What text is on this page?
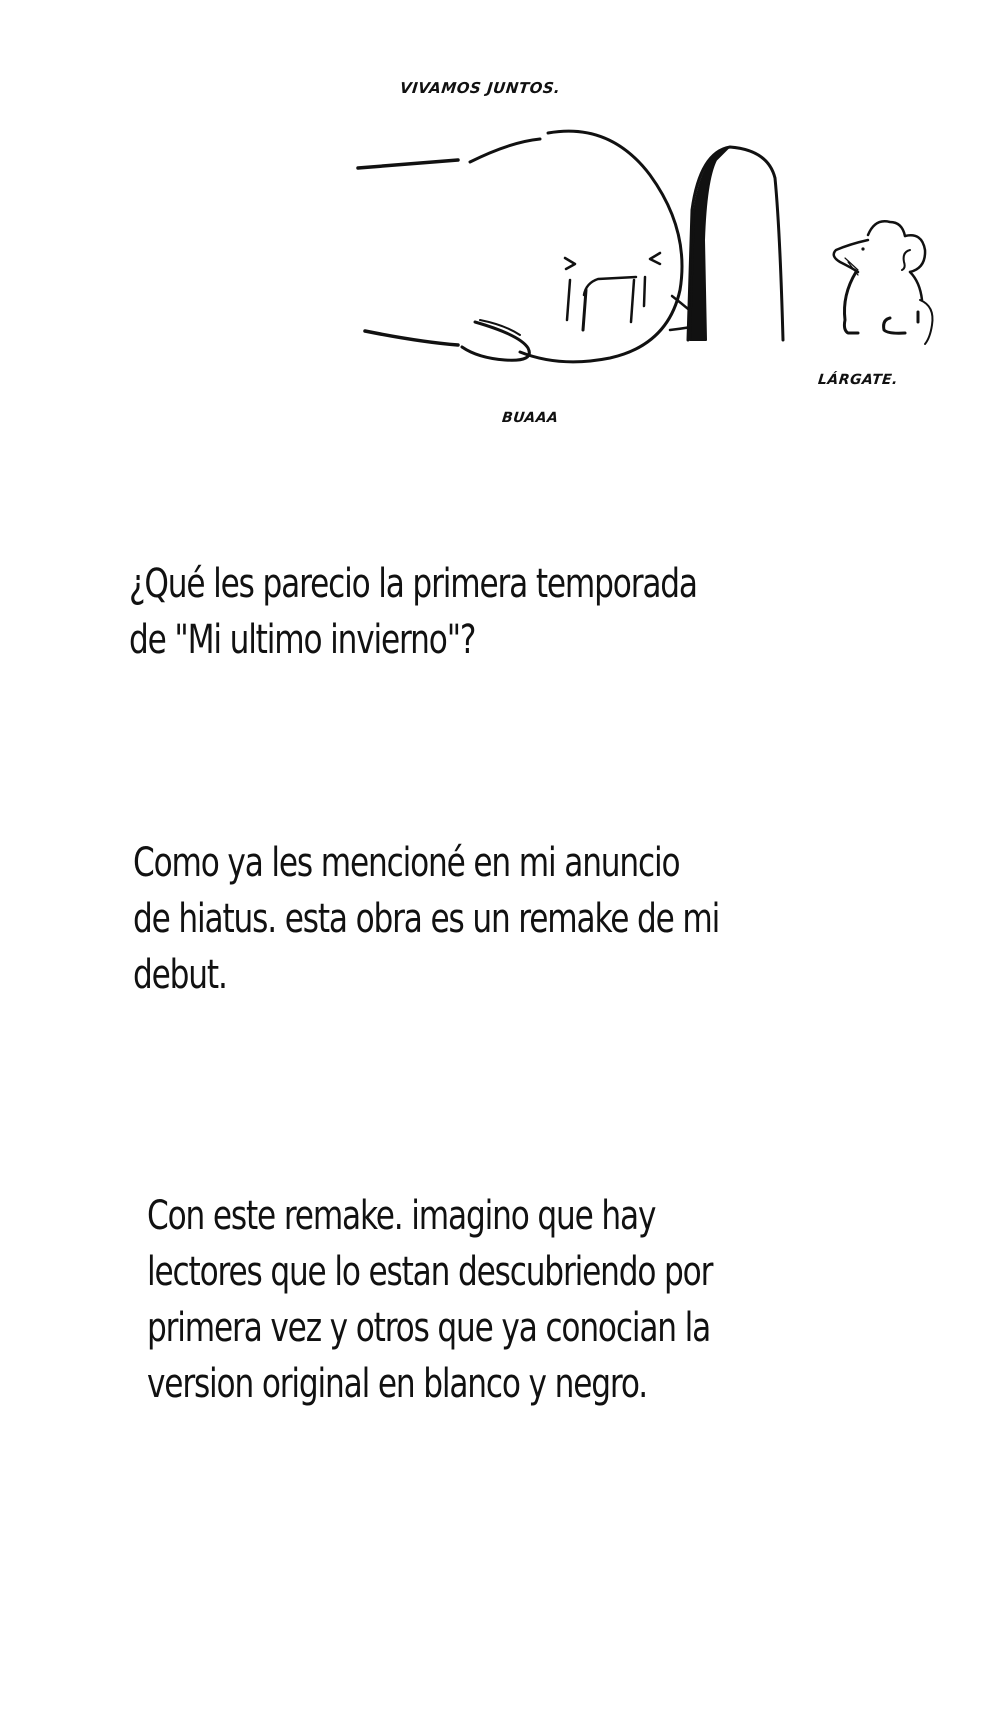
VIVAMOS JUNTOS.
LÁRGATE.
BUAAA
¿Qué les parecio la primera temporada
de "Mi ultimo invierno"?
Como ya les mencioné en mi anuncio
de hiatus. esta obra es un remake de mi
debut.
Con este remake. imagino que hay
lectores que lo estan descubriendo por
primera vez y otros que ya conocian la
version original en blanco y negro.
